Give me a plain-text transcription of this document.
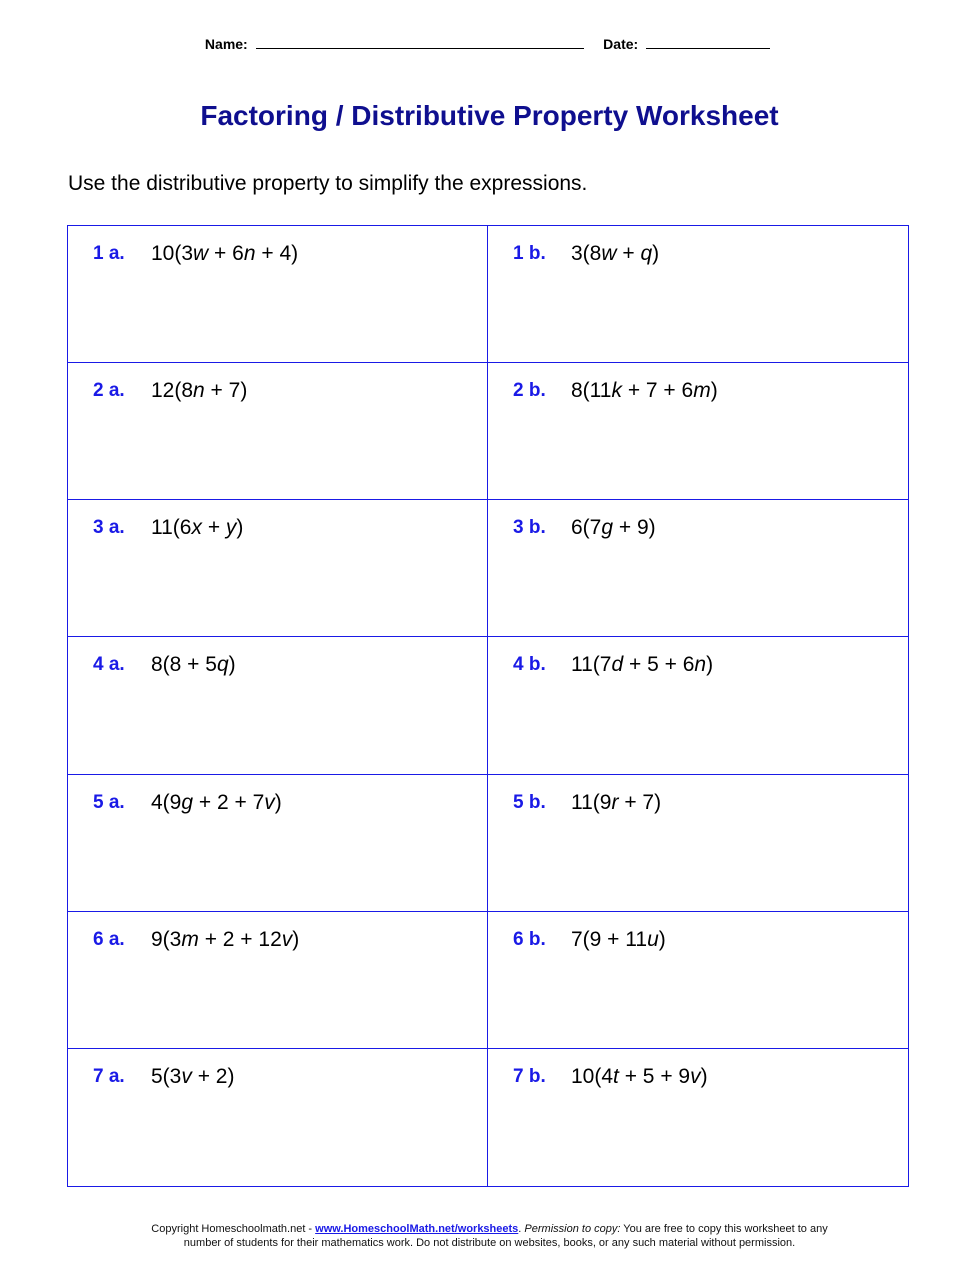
Name:	Date:
Factoring / Distributive Property Worksheet
Use the distributive property to simplify the expressions.
1 a. 10(3w + 6n + 4)	1 b. 3(8w + q)
2 a. 12(8n + 7)	2 b. 8(11k + 7 + 6m)
3 a. 11(6x + y)	3 b. 6(7g + 9)
4 a. 8(8 + 5q)	4 b. 11(7d + 5 + 6n)
5 a. 4(9g + 2 + 7v)	5 b. 11(9r + 7)
6 a. 9(3m + 2 + 12v)	6 b. 7(9 + 11u)
7 a. 5(3v + 2)	7 b. 10(4t + 5 + 9v)
Copyright Homeschoolmath.net - www.HomeschoolMath.net/worksheets. Permission to copy: You are free to copy this worksheet to any
number of students for their mathematics work. Do not distribute on websites, books, or any such material without permission.
